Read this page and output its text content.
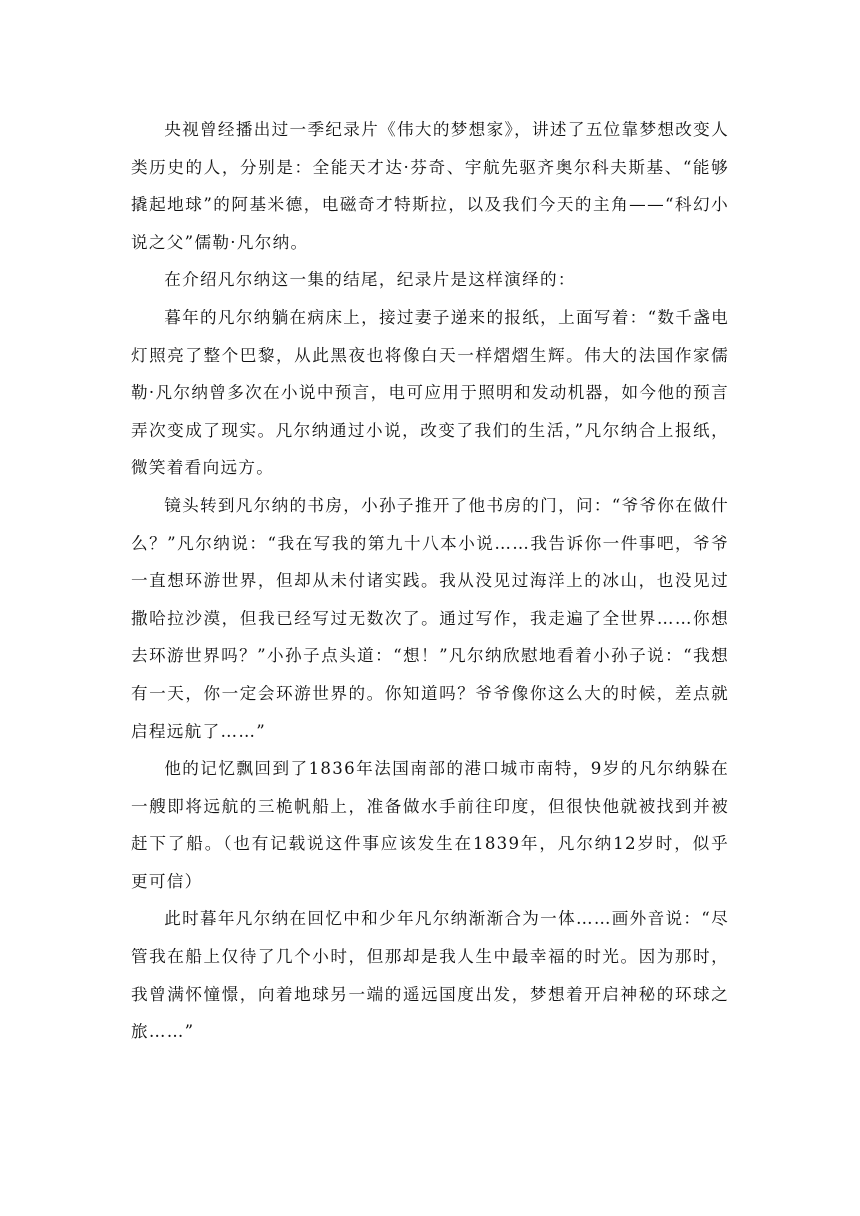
央视曾经播出过一季纪录片《伟大的梦想家》，讲述了五位靠梦想改变人类历史的人，分别是：全能天才达·芬奇、宇航先驱齐奥尔科夫斯基、“能够撬起地球”的阿基米德，电磁奇才特斯拉，以及我们今天的主角——“科幻小说之父”儒勒·凡尔纳。

在介绍凡尔纳这一集的结尾，纪录片是这样演绎的：

暮年的凡尔纳躺在病床上，接过妻子递来的报纸，上面写着：“数千盏电灯照亮了整个巴黎，从此黑夜也将像白天一样熠熠生辉。伟大的法国作家儒勒·凡尔纳曾多次在小说中预言，电可应用于照明和发动机器，如今他的预言弄次变成了现实。凡尔纳通过小说，改变了我们的生活，”凡尔纳合上报纸，微笑着看向远方。

镜头转到凡尔纳的书房，小孙子推开了他书房的门，问：“爷爷你在做什么？”凡尔纳说：“我在写我的第九十八本小说……我告诉你一件事吧，爷爷一直想环游世界，但却从未付诸实践。我从没见过海洋上的冰山，也没见过撒哈拉沙漠，但我已经写过无数次了。通过写作，我走遍了全世界……你想去环游世界吗？”小孙子点头道：“想！”凡尔纳欣慰地看着小孙子说：“我想有一天，你一定会环游世界的。你知道吗？爷爷像你这么大的时候，差点就启程远航了……”

他的记忆飘回到了1836年法国南部的港口城市南特，9岁的凡尔纳躲在一艘即将远航的三桅帆船上，准备做水手前往印度，但很快他就被找到并被赶下了船。（也有记载说这件事应该发生在1839年，凡尔纳12岁时，似乎更可信）

此时暮年凡尔纳在回忆中和少年凡尔纳渐渐合为一体……画外音说：“尽管我在船上仅待了几个小时，但那却是我人生中最幸福的时光。因为那时，我曾满怀憧憬，向着地球另一端的遥远国度出发，梦想着开启神秘的环球之旅……”
